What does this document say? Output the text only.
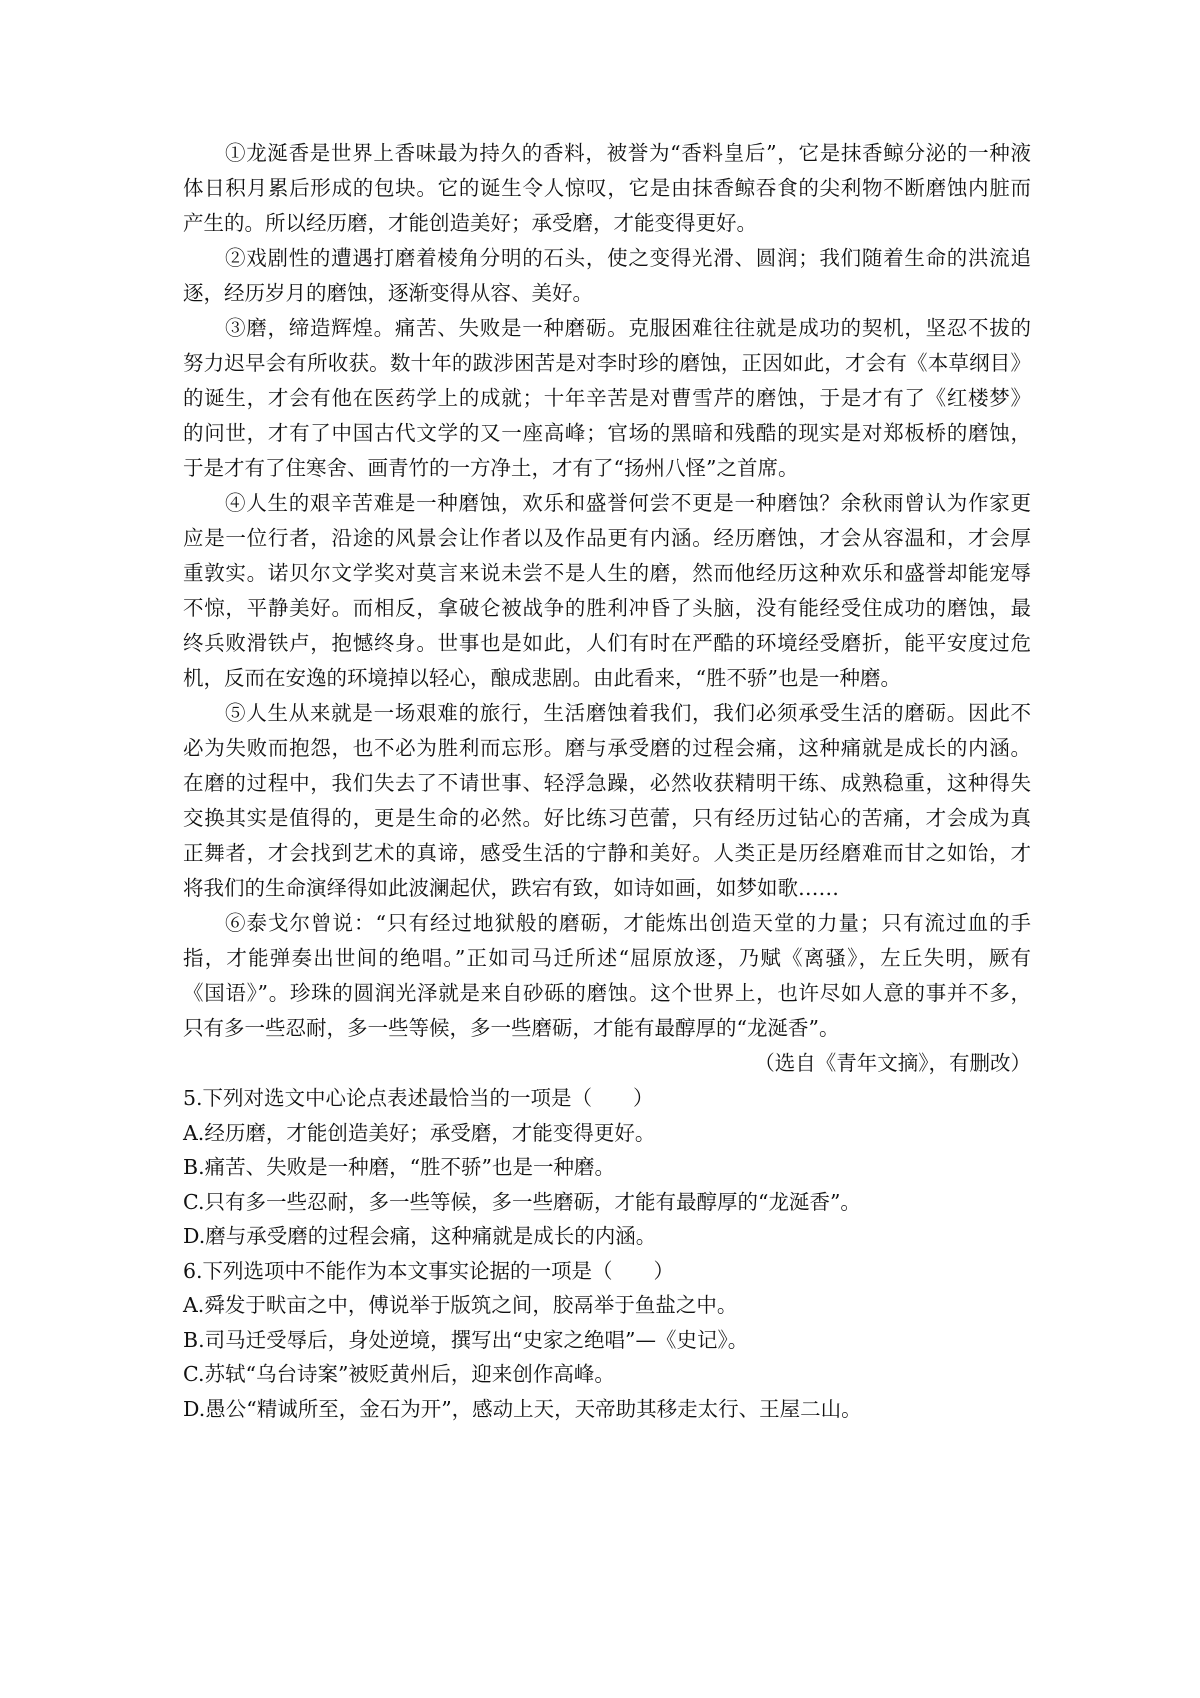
①龙涎香是世界上香味最为持久的香料，被誉为“香料皇后”，它是抹香鲸分泌的一种液
体日积月累后形成的包块。它的诞生令人惊叹，它是由抹香鲸吞食的尖利物不断磨蚀内脏而
产生的。所以经历磨，才能创造美好；承受磨，才能变得更好。
②戏剧性的遭遇打磨着棱角分明的石头，使之变得光滑、圆润；我们随着生命的洪流追
逐，经历岁月的磨蚀，逐渐变得从容、美好。
③磨，缔造辉煌。痛苦、失败是一种磨砺。克服困难往往就是成功的契机，坚忍不拔的
努力迟早会有所收获。数十年的跋涉困苦是对李时珍的磨蚀，正因如此，才会有《本草纲目》
的诞生，才会有他在医药学上的成就；十年辛苦是对曹雪芹的磨蚀，于是才有了《红楼梦》
的问世，才有了中国古代文学的又一座高峰；官场的黑暗和残酷的现实是对郑板桥的磨蚀，
于是才有了住寒舍、画青竹的一方净土，才有了“扬州八怪”之首席。
④人生的艰辛苦难是一种磨蚀，欢乐和盛誉何尝不更是一种磨蚀？余秋雨曾认为作家更
应是一位行者，沿途的风景会让作者以及作品更有内涵。经历磨蚀，才会从容温和，才会厚
重敦实。诺贝尔文学奖对莫言来说未尝不是人生的磨，然而他经历这种欢乐和盛誉却能宠辱
不惊，平静美好。而相反，拿破仑被战争的胜利冲昏了头脑，没有能经受住成功的磨蚀，最
终兵败滑铁卢，抱憾终身。世事也是如此，人们有时在严酷的环境经受磨折，能平安度过危
机，反而在安逸的环境掉以轻心，酿成悲剧。由此看来，“胜不骄”也是一种磨。
⑤人生从来就是一场艰难的旅行，生活磨蚀着我们，我们必须承受生活的磨砺。因此不
必为失败而抱怨，也不必为胜利而忘形。磨与承受磨的过程会痛，这种痛就是成长的内涵。
在磨的过程中，我们失去了不请世事、轻浮急躁，必然收获精明干练、成熟稳重，这种得失
交换其实是值得的，更是生命的必然。好比练习芭蕾，只有经历过钻心的苦痛，才会成为真
正舞者，才会找到艺术的真谛，感受生活的宁静和美好。人类正是历经磨难而甘之如饴，才
将我们的生命演绎得如此波澜起伏，跌宕有致，如诗如画，如梦如歌……
⑥泰戈尔曾说：“只有经过地狱般的磨砺，才能炼出创造天堂的力量；只有流过血的手
指，才能弹奏出世间的绝唱。”正如司马迁所述“屈原放逐，乃赋《离骚》，左丘失明，厥有
《国语》”。珍珠的圆润光泽就是来自砂砾的磨蚀。这个世界上，也许尽如人意的事并不多，
只有多一些忍耐，多一些等候，多一些磨砺，才能有最醇厚的“龙涎香”。
（选自《青年文摘》，有删改）
5.下列对选文中心论点表述最恰当的一项是（　　）
A.经历磨，才能创造美好；承受磨，才能变得更好。
B.痛苦、失败是一种磨，“胜不骄”也是一种磨。
C.只有多一些忍耐，多一些等候，多一些磨砺，才能有最醇厚的“龙涎香”。
D.磨与承受磨的过程会痛，这种痛就是成长的内涵。
6.下列选项中不能作为本文事实论据的一项是（　　）
A.舜发于畎亩之中，傅说举于版筑之间，胶鬲举于鱼盐之中。
B.司马迁受辱后，身处逆境，撰写出“史家之绝唱”—《史记》。
C.苏轼“乌台诗案”被贬黄州后，迎来创作高峰。
D.愚公“精诚所至，金石为开”，感动上天，天帝助其移走太行、王屋二山。
